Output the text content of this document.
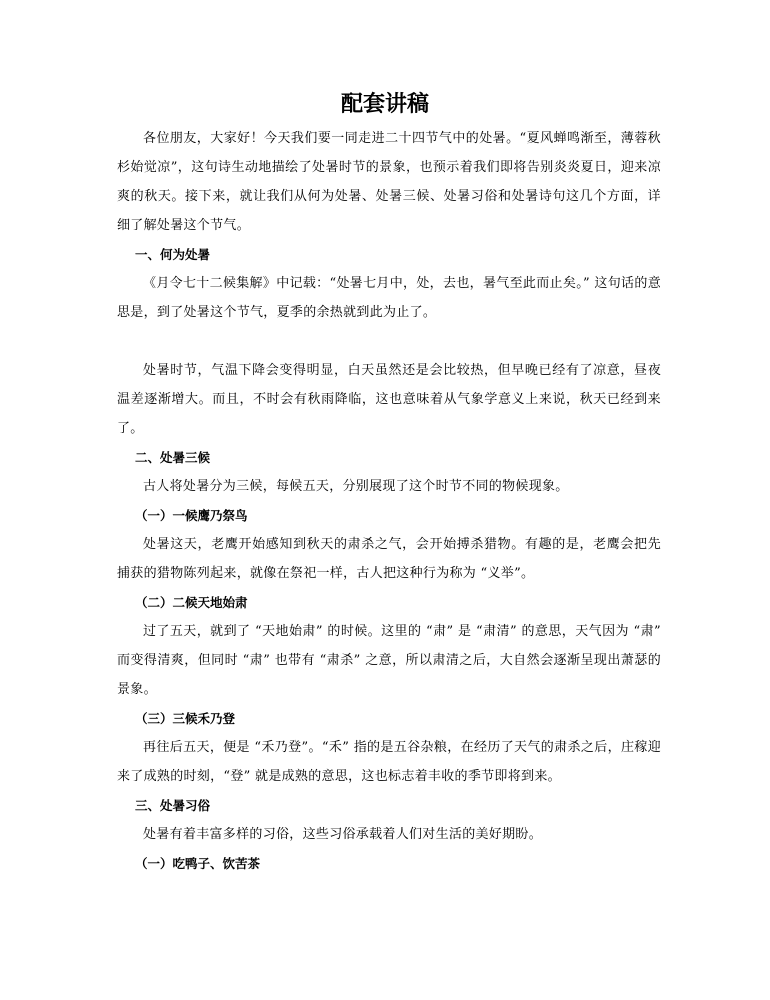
配套讲稿

各位朋友，大家好！今天我们要一同走进二十四节气中的处暑。“夏风蝉鸣渐至，薄蓉秋杉始觉凉”，这句诗生动地描绘了处暑时节的景象，也预示着我们即将告别炎炎夏日，迎来凉爽的秋天。接下来，就让我们从何为处暑、处暑三候、处暑习俗和处暑诗句这几个方面，详细了解处暑这个节气。

一、何为处暑

《月令七十二候集解》中记载：“处暑七月中，处，去也，暑气至此而止矣。” 这句话的意思是，到了处暑这个节气，夏季的余热就到此为止了。

处暑时节，气温下降会变得明显，白天虽然还是会比较热，但早晚已经有了凉意，昼夜温差逐渐增大。而且，不时会有秋雨降临，这也意味着从气象学意义上来说，秋天已经到来了。

二、处暑三候

古人将处暑分为三候，每候五天，分别展现了这个时节不同的物候现象。

（一）一候鹰乃祭鸟

处暑这天，老鹰开始感知到秋天的肃杀之气，会开始搏杀猎物。有趣的是，老鹰会把先捕获的猎物陈列起来，就像在祭祀一样，古人把这种行为称为 “义举”。

（二）二候天地始肃

过了五天，就到了 “天地始肃” 的时候。这里的 “肃” 是 “肃清” 的意思，天气因为 “肃” 而变得清爽，但同时 “肃” 也带有 “肃杀” 之意，所以肃清之后，大自然会逐渐呈现出萧瑟的景象。

（三）三候禾乃登

再往后五天，便是 “禾乃登”。“禾” 指的是五谷杂粮，在经历了天气的肃杀之后，庄稼迎来了成熟的时刻，“登” 就是成熟的意思，这也标志着丰收的季节即将到来。

三、处暑习俗

处暑有着丰富多样的习俗，这些习俗承载着人们对生活的美好期盼。

（一）吃鸭子、饮苦茶
